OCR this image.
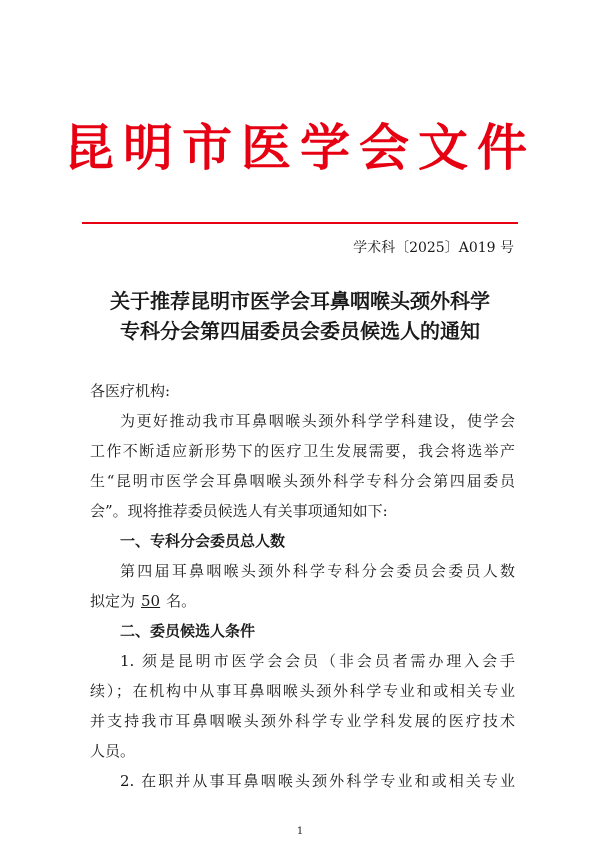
昆明市医学会文件
学术科〔2025〕A019 号
关于推荐昆明市医学会耳鼻咽喉头颈外科学
专科分会第四届委员会委员候选人的通知
各医疗机构:
为更好推动我市耳鼻咽喉头颈外科学学科建设，使学会
工作不断适应新形势下的医疗卫生发展需要，我会将选举产
生“昆明市医学会耳鼻咽喉头颈外科学专科分会第四届委员
会”。现将推荐委员候选人有关事项通知如下:
一、专科分会委员总人数
第四届耳鼻咽喉头颈外科学专科分会委员会委员人数
拟定为 50 名。
二、委员候选人条件
1. 须是昆明市医学会会员（非会员者需办理入会手
续）；在机构中从事耳鼻咽喉头颈外科学专业和或相关专业
并支持我市耳鼻咽喉头颈外科学专业学科发展的医疗技术
人员。
2. 在职并从事耳鼻咽喉头颈外科学专业和或相关专业
1
